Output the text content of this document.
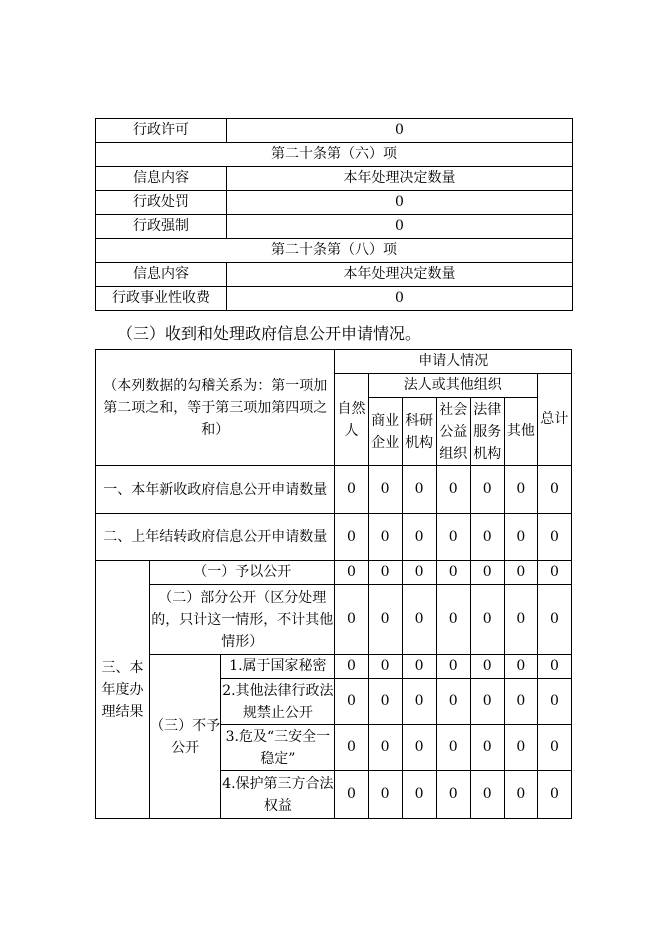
行政许可	0
第二十条第（六）项	
信息内容	本年处理决定数量
行政处罚	0
行政强制	0
第二十条第（八）项	
信息内容	本年处理决定数量
行政事业性收费	0
（三）收到和处理政府信息公开申请情况。
（本列数据的勾稽关系为：第一项加第二项之和，等于第三项加第四项之和）			申请人情况						
			自然人	法人或其他组织					总计
				商业企业	科研机构	社会公益组织	法律服务机构	其他	

一、本年新收政府信息公开申请数量			0	0	0	0	0	0	0
二、上年结转政府信息公开申请数量			0	0	0	0	0	0	0
三、本年度办理结果	（一）予以公开		0	0	0	0	0	0	0
	（二）部分公开（区分处理的，只计这一情形，不计其他情形）		0	0	0	0	0	0	0
	（三）不予公开	1.属于国家秘密	0	0	0	0	0	0	0
		2.其他法律行政法规禁止公开	0	0	0	0	0	0	0
		3.危及“三安全一稳定”	0	0	0	0	0	0	0
		4.保护第三方合法权益	0	0	0	0	0	0	0
